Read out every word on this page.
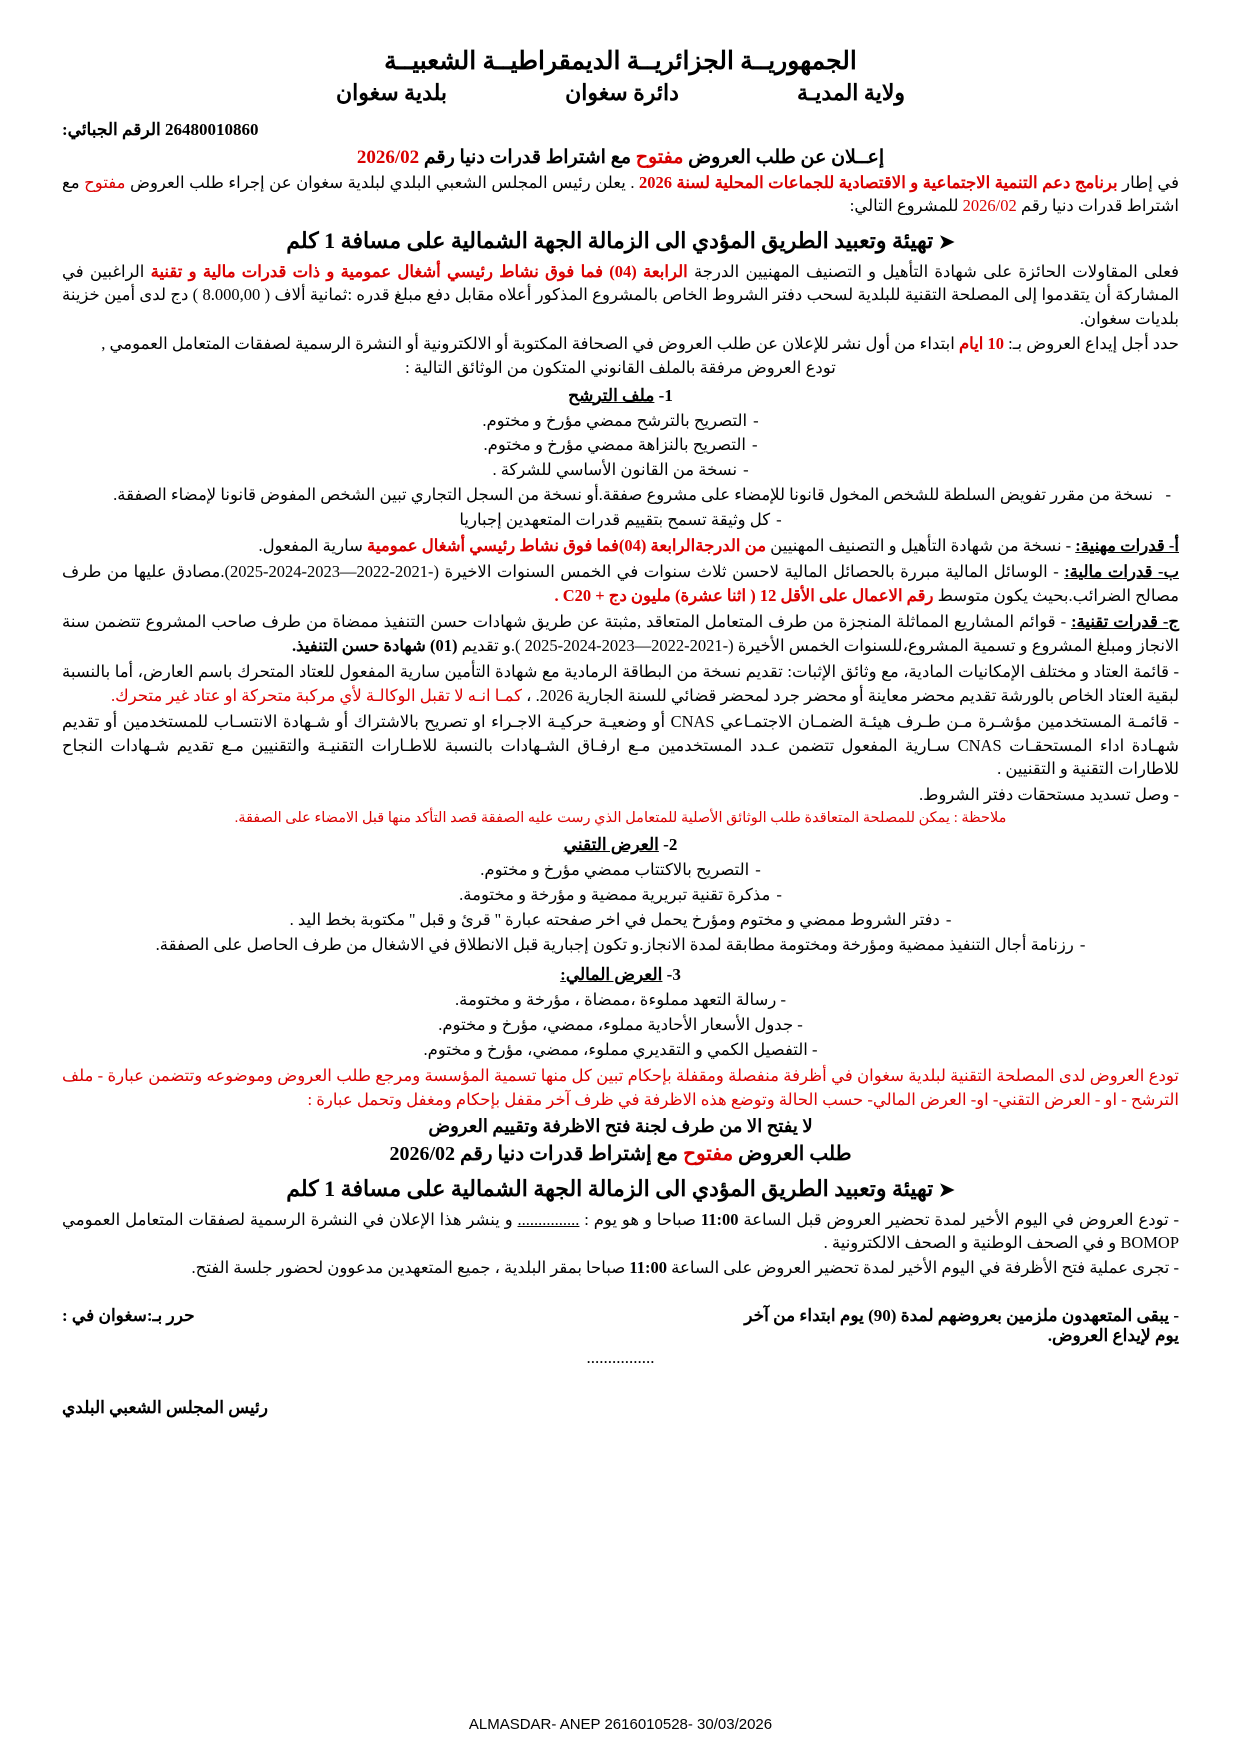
الجمهوريــة الجزائريــة الديمقراطيــة الشعبيــة
ولاية المديـة
دائرة سغوان
بلدية سغوان
26480010860 الرقم الجبائي:
إعــلان عن طلب العروض مفتوح مع اشتراط قدرات دنيا رقم 2026/02
في إطار برنامج دعم التنمية الاجتماعية و الاقتصادية للجماعات المحلية لسنة 2026 . يعلن رئيس المجلس الشعبي البلدي لبلدية سغوان عن إجراء طلب العروض مفتوح مع اشتراط قدرات دنيا رقم 2026/02 للمشروع التالي:
➤ تهيئة وتعبيد الطريق المؤدي الى الزمالة الجهة الشمالية على مسافة 1 كلم
فعلى المقاولات الحائزة على شهادة التأهيل و التصنيف المهنيين الدرجة الرابعة (04) فما فوق نشاط رئيسي أشغال عمومية و ذات قدرات مالية و تقنية الراغبين في المشاركة أن يتقدموا إلى المصلحة التقنية للبلدية لسحب دفتر الشروط الخاص بالمشروع المذكور أعلاه مقابل دفع مبلغ قدره :ثمانية ألاف ( 8.000,00 ) دج لدى أمين خزينة بلديات سغوان.
حدد أجل إيداع العروض بـ: 10 ايام ابتداء من أول نشر للإعلان عن طلب العروض في الصحافة المكتوبة أو الالكترونية أو النشرة الرسمية لصفقات المتعامل العمومي ,
تودع العروض مرفقة بالملف القانوني المتكون من الوثائق التالية :
1- ملف الترشح
-التصريح بالترشح ممضي مؤرخ و مختوم.
-التصريح بالنزاهة ممضي مؤرخ و مختوم.
-نسخة من القانون الأساسي للشركة .
- نسخة من مقرر تفويض السلطة للشخص المخول قانونا للإمضاء على مشروع صفقة.أو نسخة من السجل التجاري تبين الشخص المفوض قانونا لإمضاء الصفقة.
-كل وثيقة تسمح بتقييم قدرات المتعهدين إجباريا
أ- قدرات مهنية: - نسخة من شهادة التأهيل و التصنيف المهنيين من الدرجةالرابعة (04)فما فوق نشاط رئيسي أشغال عمومية سارية المفعول.
ب- قدرات مالية: - الوسائل المالية مبررة بالحصائل المالية لاحسن ثلاث سنوات في الخمس السنوات الاخيرة (-2021-2022—2023-2024-2025).مصادق عليها من طرف مصالح الضرائب.بحيث يكون متوسط رقم الاعمال على الأقل 12 ( اثنا عشرة) مليون دج + C20 .
ج- قدرات تقنية: - قوائم المشاريع المماثلة المنجزة من طرف المتعامل المتعاقد ,مثبتة عن طريق شهادات حسن التنفيذ ممضاة من طرف صاحب المشروع تتضمن سنة الانجاز ومبلغ المشروع و تسمية المشروع،للسنوات الخمس الأخيرة (-2021-2022—2023-2024-2025 ).و تقديم (01) شهادة حسن التنفيذ.
- قائمة العتاد و مختلف الإمكانيات المادية، مع وثائق الإثبات: تقديم نسخة من البطاقة الرمادية مع شهادة التأمين سارية المفعول للعتاد المتحرك باسم العارض، أما بالنسبة لبقية العتاد الخاص بالورشة تقديم محضر معاينة أو محضر جرد لمحضر قضائي للسنة الجارية 2026. ، كمـا انـه لا تقبل الوكالـة لأي مركبة متحركة او عتاد غير متحرك.
- قائمـة المستخدمين مؤشـرة مـن طـرف هيئـة الضمـان الاجتمـاعي CNAS أو وضعيـة حركيـة الاجـراء او تصريح بالاشتراك أو شـهادة الانتسـاب للمستخدمين أو تقديم شهـادة اداء المستحقـات CNAS سـارية المفعول تتضمن عـدد المستخدمين مـع ارفـاق الشـهادات بالنسبة للاطـارات التقنيـة والتقنيين مـع تقديم شـهادات النجاح للاطارات التقنية و التقنيين .
- وصل تسديد مستحقات دفتر الشروط.
ملاحظة : يمكن للمصلحة المتعاقدة طلب الوثائق الأصلية للمتعامل الذي رست عليه الصفقة قصد التأكد منها قبل الامضاء على الصفقة.
2- العرض التقني
-التصريح بالاكتتاب ممضي مؤرخ و مختوم.
-مذكرة تقنية تبريرية ممضية و مؤرخة و مختومة.
-دفتر الشروط ممضي و مختوم ومؤرخ يحمل في اخر صفحته عبارة '' قرئ و قبل '' مكتوبة بخط اليد .
-رزنامة أجال التنفيذ ممضية ومؤرخة ومختومة مطابقة لمدة الانجاز.و تكون إجبارية قبل الانطلاق في الاشغال من طرف الحاصل على الصفقة.
3- العرض المالي:
- رسالة التعهد مملوءة ،ممضاة ، مؤرخة و مختومة.
- جدول الأسعار الأحادية مملوء، ممضي، مؤرخ و مختوم.
- التفصيل الكمي و التقديري مملوء، ممضي، مؤرخ و مختوم.
تودع العروض لدى المصلحة التقنية لبلدية سغوان في أظرفة منفصلة ومقفلة بإحكام تبين كل منها تسمية المؤسسة ومرجع طلب العروض وموضوعه وتتضمن عبارة - ملف الترشح - او - العرض التقني- او- العرض المالي- حسب الحالة وتوضع هذه الاظرفة في ظرف آخر مقفل بإحكام ومغفل وتحمل عبارة :
لا يفتح الا من طرف لجنة فتح الاظرفة وتقييم العروض
طلب العروض مفتوح مع إشتراط قدرات دنيا رقم 2026/02
➤ تهيئة وتعبيد الطريق المؤدي الى الزمالة الجهة الشمالية على مسافة 1 كلم
- تودع العروض في اليوم الأخير لمدة تحضير العروض قبل الساعة 11:00 صباحا و هو يوم : ............... و ينشر هذا الإعلان في النشرة الرسمية لصفقات المتعامل العمومي BOMOP و في الصحف الوطنية و الصحف الالكترونية .
- تجرى عملية فتح الأظرفة في اليوم الأخير لمدة تحضير العروض على الساعة 11:00 صباحا بمقر البلدية ، جميع المتعهدين مدعوون لحضور جلسة الفتح.
- يبقى المتعهدون ملزمين بعروضهم لمدة (90) يوم ابتداء من آخر يوم لإيداع العروض.
حرر بـ:سغوان في :
................
رئيس المجلس الشعبي البلدي
ALMASDAR- ANEP 2616010528- 30/03/2026
